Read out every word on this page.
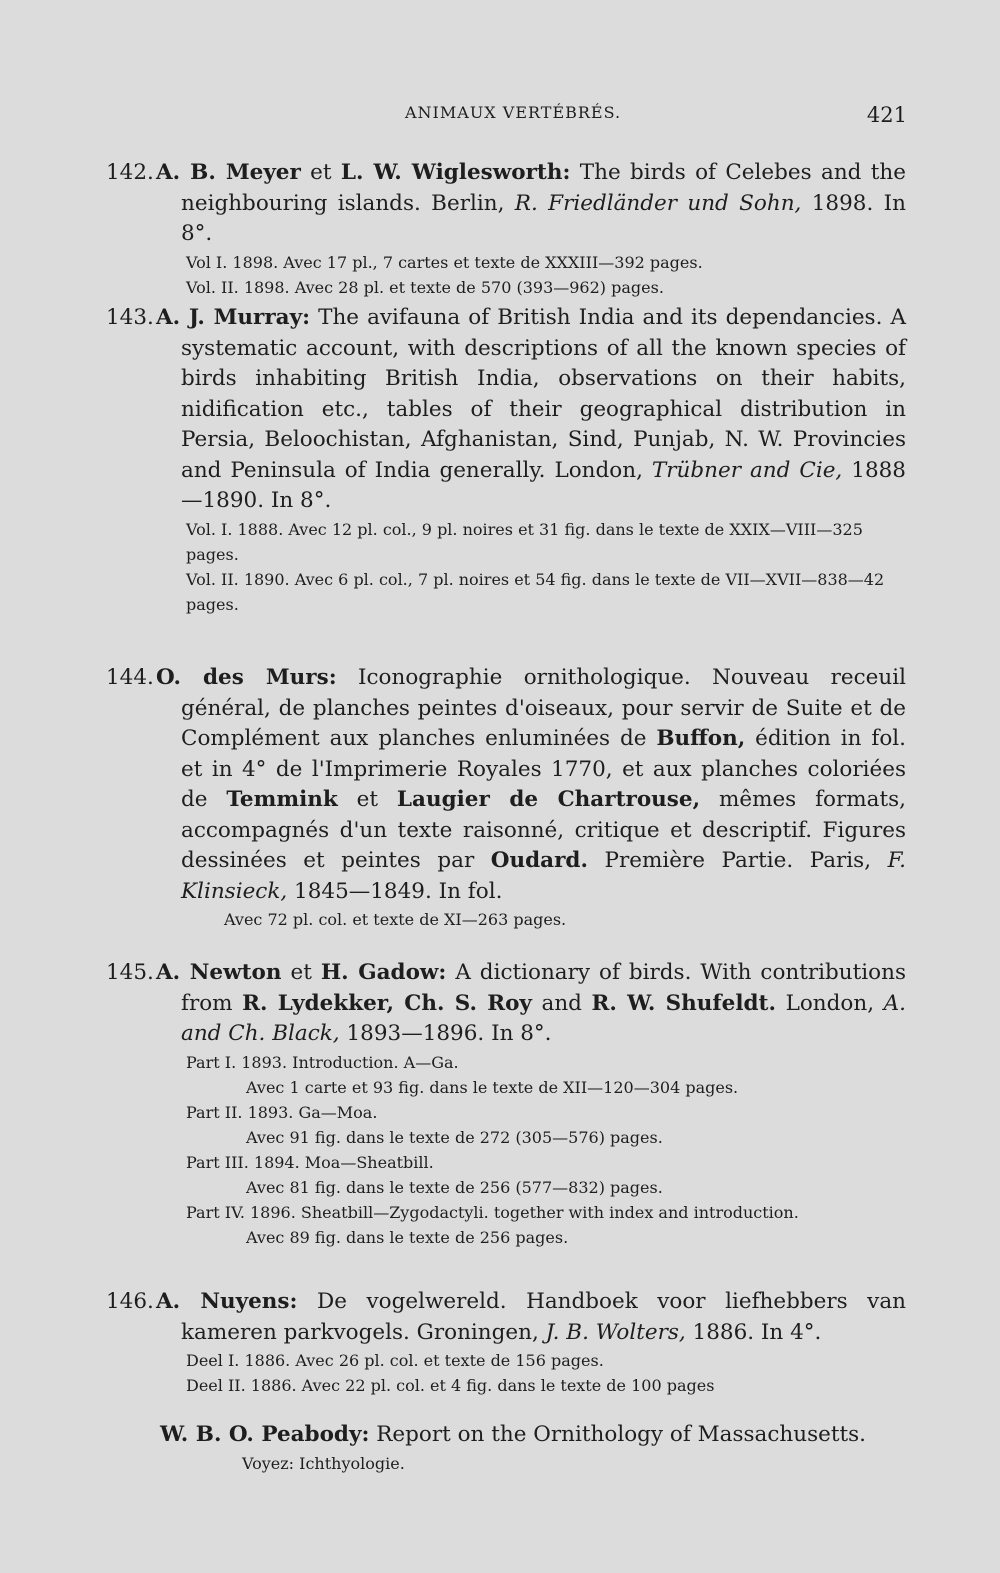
ANIMAUX VERTÉBRÉS.	421
142.A. B. Meyer et L. W. Wiglesworth: The birds of Celebes and the neighbouring islands. Berlin, R. Friedländer und Sohn, 1898. In 8°.
Vol I. 1898. Avec 17 pl., 7 cartes et texte de XXXIII—392 pages.
Vol. II. 1898. Avec 28 pl. et texte de 570 (393—962) pages.
143.A. J. Murray: The avifauna of British India and its dependancies. A systematic account, with descriptions of all the known species of birds inhabiting British India, observations on their habits, nidification etc., tables of their geographical distribution in Persia, Beloochistan, Afghanistan, Sind, Punjab, N. W. Provincies and Peninsula of India generally. London, Trübner and Cie, 1888—1890. In 8°.
Vol. I. 1888. Avec 12 pl. col., 9 pl. noires et 31 fig. dans le texte de XXIX—VIII—325 pages.
Vol. II. 1890. Avec 6 pl. col., 7 pl. noires et 54 fig. dans le texte de VII—XVII—838—42 pages.
144.O. des Murs: Iconographie ornithologique. Nouveau receuil général, de planches peintes d'oiseaux, pour servir de Suite et de Complément aux planches enluminées de Buffon, édition in fol. et in 4° de l'Imprimerie Royales 1770, et aux planches coloriées de Temmink et Laugier de Chartrouse, mêmes formats, accompagnés d'un texte raisonné, critique et descriptif. Figures dessinées et peintes par Oudard. Première Partie. Paris, F. Klinsieck, 1845—1849. In fol.
Avec 72 pl. col. et texte de XI—263 pages.
145.A. Newton et H. Gadow: A dictionary of birds. With contributions from R. Lydekker, Ch. S. Roy and R. W. Shufeldt. London, A. and Ch. Black, 1893—1896. In 8°.
Part I. 1893. Introduction. A—Ga.
Avec 1 carte et 93 fig. dans le texte de XII—120—304 pages.
Part II. 1893. Ga—Moa.
Avec 91 fig. dans le texte de 272 (305—576) pages.
Part III. 1894. Moa—Sheatbill.
Avec 81 fig. dans le texte de 256 (577—832) pages.
Part IV. 1896. Sheatbill—Zygodactyli. together with index and introduction.
Avec 89 fig. dans le texte de 256 pages.
146.A. Nuyens: De vogelwereld. Handboek voor liefhebbers van kameren parkvogels. Groningen, J. B. Wolters, 1886. In 4°.
Deel I. 1886. Avec 26 pl. col. et texte de 156 pages.
Deel II. 1886. Avec 22 pl. col. et 4 fig. dans le texte de 100 pages
W. B. O. Peabody: Report on the Ornithology of Massachusetts.
Voyez: Ichthyologie.
